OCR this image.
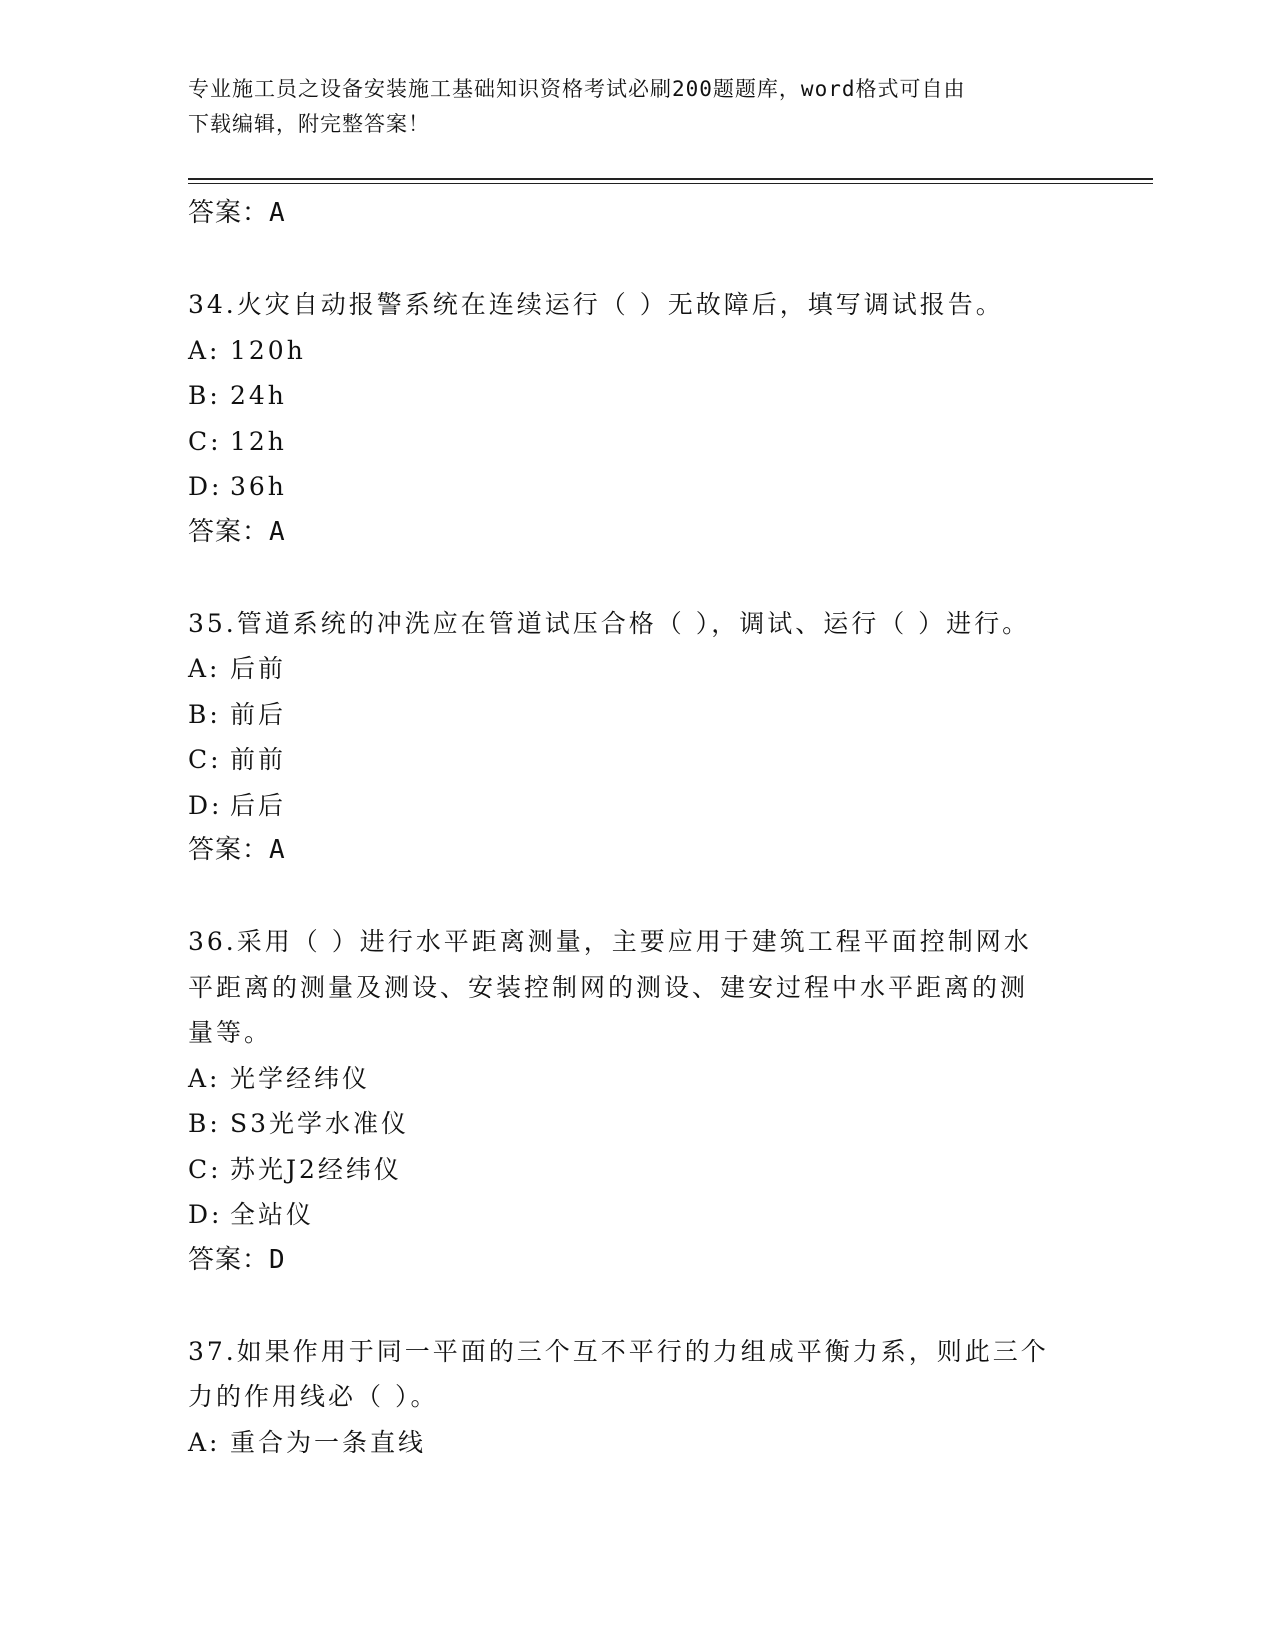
专业施工员之设备安装施工基础知识资格考试必刷200题题库，word格式可自由
下载编辑，附完整答案！
答案：A
34.火灾自动报警系统在连续运行（ ）无故障后，填写调试报告。
A: 120h
B: 24h
C: 12h
D: 36h
答案：A
35.管道系统的冲洗应在管道试压合格（ ），调试、运行（ ）进行。
A: 后前
B: 前后
C: 前前
D: 后后
答案：A
36.采用（ ）进行水平距离测量，主要应用于建筑工程平面控制网水
平距离的测量及测设、安装控制网的测设、建安过程中水平距离的测
量等。
A: 光学经纬仪
B: S3光学水准仪
C: 苏光J2经纬仪
D: 全站仪
答案：D
37.如果作用于同一平面的三个互不平行的力组成平衡力系，则此三个
力的作用线必（ ）。
A: 重合为一条直线
